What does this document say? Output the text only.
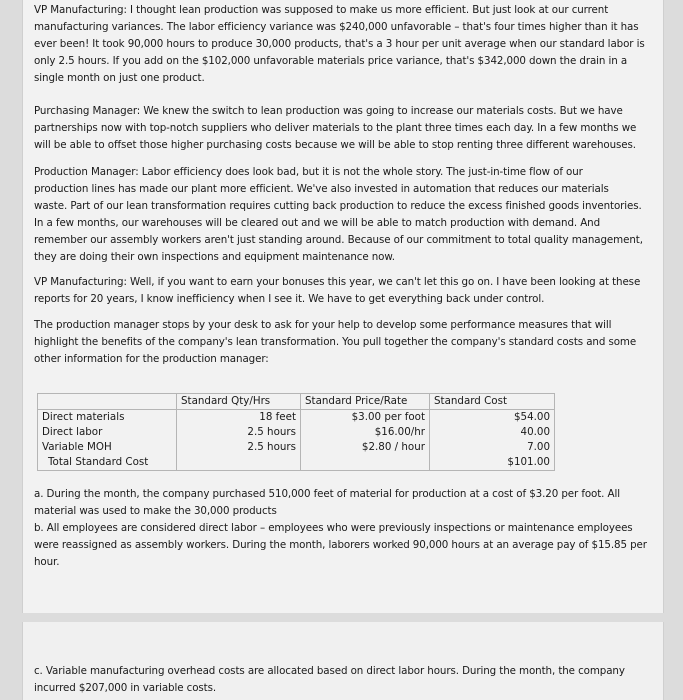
VP Manufacturing: I thought lean production was supposed to make us more efficient. But just look at our current
manufacturing variances. The labor efficiency variance was $240,000 unfavorable – that's four times higher than it has
ever been! It took 90,000 hours to produce 30,000 products, that's a 3 hour per unit average when our standard labor is
only 2.5 hours. If you add on the $102,000 unfavorable materials price variance, that's $342,000 down the drain in a
single month on just one product.

Purchasing Manager: We knew the switch to lean production was going to increase our materials costs. But we have
partnerships now with top-notch suppliers who deliver materials to the plant three times each day. In a few months we
will be able to offset those higher purchasing costs because we will be able to stop renting three different warehouses.

Production Manager: Labor efficiency does look bad, but it is not the whole story. The just-in-time flow of our
production lines has made our plant more efficient. We've also invested in automation that reduces our materials
waste. Part of our lean transformation requires cutting back production to reduce the excess finished goods inventories.
In a few months, our warehouses will be cleared out and we will be able to match production with demand. And
remember our assembly workers aren't just standing around. Because of our commitment to total quality management,
they are doing their own inspections and equipment maintenance now.

VP Manufacturing: Well, if you want to earn your bonuses this year, we can't let this go on. I have been looking at these
reports for 20 years, I know inefficiency when I see it. We have to get everything back under control.

The production manager stops by your desk to ask for your help to develop some performance measures that will
highlight the benefits of the company's lean transformation. You pull together the company's standard costs and some
other information for the production manager:

	Standard Qty/Hrs	Standard Price/Rate	Standard Cost
Direct materials	18 feet	$3.00 per foot	$54.00
Direct labor	2.5 hours	$16.00/hr	40.00
Variable MOH	2.5 hours	$2.80 / hour	7.00
Total Standard Cost			$101.00

a. During the month, the company purchased 510,000 feet of material for production at a cost of $3.20 per foot. All
material was used to make the 30,000 products

b. All employees are considered direct labor – employees who were previously inspections or maintenance employees
were reassigned as assembly workers. During the month, laborers worked 90,000 hours at an average pay of $15.85 per
hour.

c. Variable manufacturing overhead costs are allocated based on direct labor hours. During the month, the company
incurred $207,000 in variable costs.
